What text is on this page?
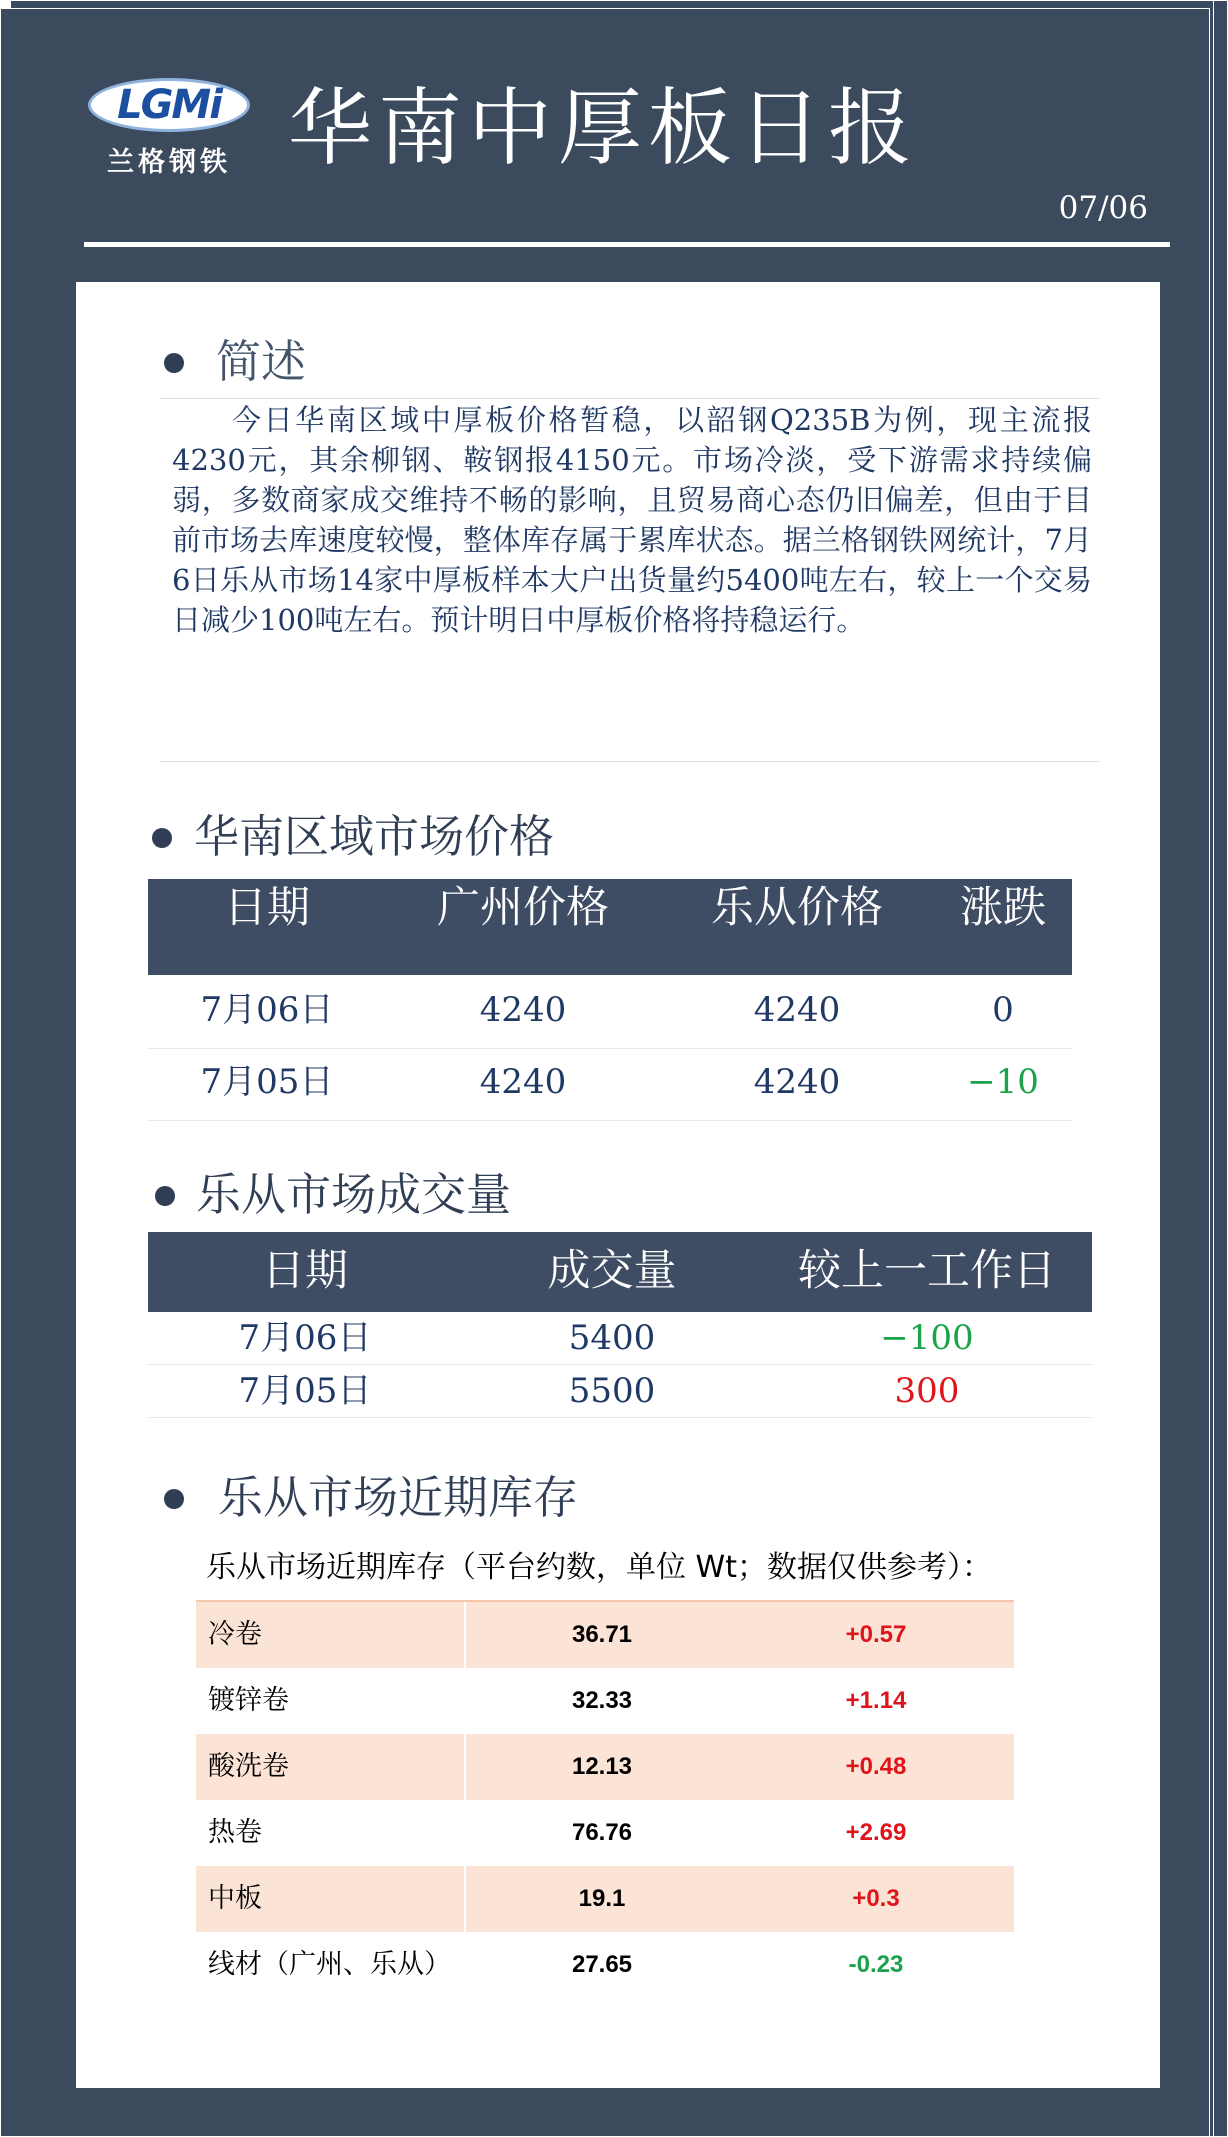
LGMi
兰格钢铁 华南中厚板日报
07/06
简述
今日华南区域中厚板价格暂稳，以韶钢Q235B为例，现主流报4230元，其余柳钢、鞍钢报4150元。市场冷淡，受下游需求持续偏弱，多数商家成交维持不畅的影响，且贸易商心态仍旧偏差，但由于目前市场去库速度较慢，整体库存属于累库状态。据兰格钢铁网统计，7月6日乐从市场14家中厚板样本大户出货量约5400吨左右，较上一个交易日减少100吨左右。预计明日中厚板价格将持稳运行。
华南区域市场价格
日期	广州价格	乐从价格	涨跌
7月06日	4240	4240	0
7月05日	4240	4240	−10
乐从市场成交量
日期	成交量	较上一工作日
7月06日	5400	−100
7月05日	5500	300
乐从市场近期库存
乐从市场近期库存（平台约数，单位 Wt；数据仅供参考）：
冷卷	36.71	+0.57
镀锌卷	32.33	+1.14
酸洗卷	12.13	+0.48
热卷	76.76	+2.69
中板	19.1	+0.3
线材（广州、乐从）	27.65	-0.23
